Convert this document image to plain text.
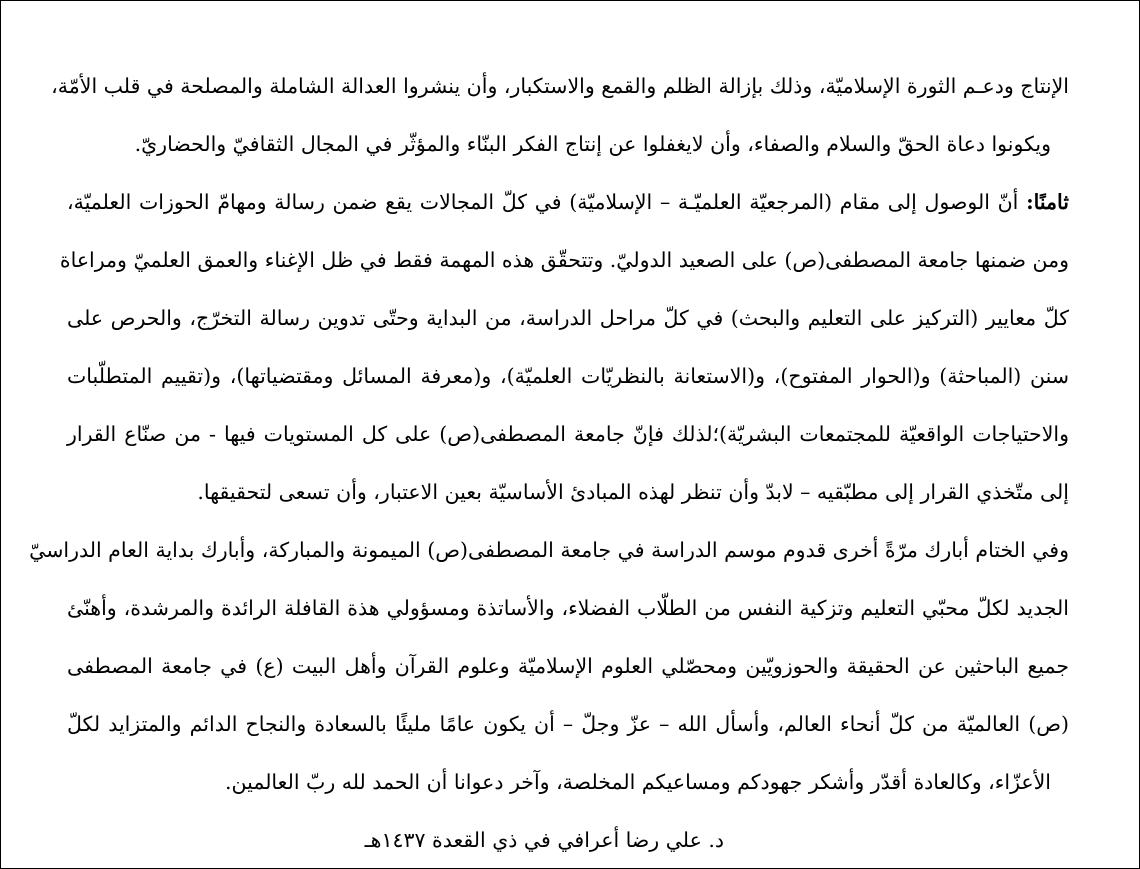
الإنتاج ودعـم الثورة الإسلاميّة، وذلك بإزالة الظلم والقمع والاستكبار، وأن ينشروا العدالة الشاملة والمصلحة في قلب الأمّة،
ويكونوا دعاة الحقّ والسلام والصفاء، وأن لايغفلوا عن إنتاج الفكر البنّاء والمؤثّر في المجال الثقافيّ والحضاريّ.
ثامنًا: أنّ الوصول إلى مقام (المرجعيّة العلميّـة – الإسلاميّة) في كلّ المجالات يقع ضمن رسالة ومهامّ الحوزات العلميّة،
ومن ضمنها جامعة المصطفى(ص) على الصعيد الدوليّ. وتتحقّق هذه المهمة فقط في ظل الإغناء والعمق العلميّ ومراعاة
كلّ معايير (التركيز على التعليم والبحث) في كلّ مراحل الدراسة، من البداية وحتّى تدوين رسالة التخرّج، والحرص على
سنن (المباحثة) و(الحوار المفتوح)، و(الاستعانة بالنظريّات العلميّة)، و(معرفة المسائل ومقتضياتها)، و(تقييم المتطلّبات
والاحتياجات الواقعيّة للمجتمعات البشريّة)؛لذلك فإنّ جامعة المصطفى(ص) على كل المستويات فيها - من صنّاع القرار
إلى متّخذي القرار إلى مطبّقيه – لابدّ وأن تنظر لهذه المبادئ الأساسيّة بعين الاعتبار، وأن تسعى لتحقيقها.
وفي الختام أبارك مرّةً أخرى قدوم موسم الدراسة في جامعة المصطفى(ص) الميمونة والمباركة، وأبارك بداية العام الدراسيّ
الجديد لكلّ محبّي التعليم وتزكية النفس من الطلّاب الفضلاء، والأساتذة ومسؤولي هذة القافلة الرائدة والمرشدة، وأهنّئ
جميع الباحثين عن الحقيقة والحوزويّين ومحصّلي العلوم الإسلاميّة وعلوم القرآن وأهل البيت (ع) في جامعة المصطفى
(ص) العالميّة من كلّ أنحاء العالم، وأسأل الله – عزّ وجلّ – أن يكون عامًا مليئًا بالسعادة والنجاح الدائم والمتزايد لكلّ
الأعزّاء، وكالعادة أقدّر وأشكر جهودكم ومساعيكم المخلصة، وآخر دعوانا أن الحمد لله ربّ العالمين.
د. علي رضا أعرافي في ذي القعدة ١٤٣٧هـ
